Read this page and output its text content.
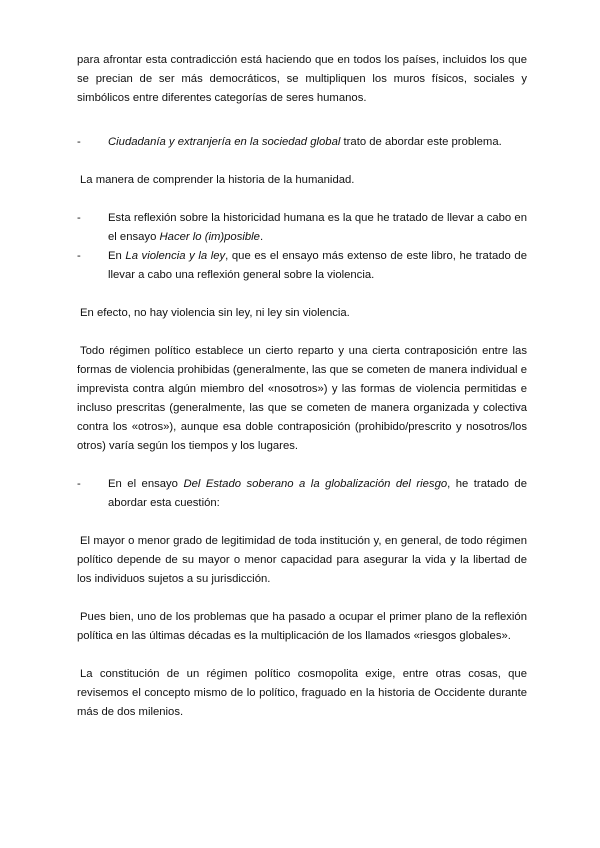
para afrontar esta contradicción está haciendo que en todos los países, incluidos los que se precian de ser más democráticos, se multipliquen los muros físicos, sociales y simbólicos entre diferentes categorías de seres humanos.

-	Ciudadanía y extranjería en la sociedad global trato de abordar este problema.

La manera de comprender la historia de la humanidad.

-	Esta reflexión sobre la historicidad humana es la que he tratado de llevar a cabo en el ensayo Hacer lo (im)posible.
-	En La violencia y la ley, que es el ensayo más extenso de este libro, he tratado de llevar a cabo una reflexión general sobre la violencia.

En efecto, no hay violencia sin ley, ni ley sin violencia.

Todo régimen político establece un cierto reparto y una cierta contraposición entre las formas de violencia prohibidas (generalmente, las que se cometen de manera individual e imprevista contra algún miembro del «nosotros») y las formas de violencia permitidas e incluso prescritas (generalmente, las que se cometen de manera organizada y colectiva contra los «otros»), aunque esa doble contraposición (prohibido/prescrito y nosotros/los otros) varía según los tiempos y los lugares.

-	En el ensayo Del Estado soberano a la globalización del riesgo, he tratado de abordar esta cuestión:

El mayor o menor grado de legitimidad de toda institución y, en general, de todo régimen político depende de su mayor o menor capacidad para asegurar la vida y la libertad de los individuos sujetos a su jurisdicción.

Pues bien, uno de los problemas que ha pasado a ocupar el primer plano de la reflexión política en las últimas décadas es la multiplicación de los llamados «riesgos globales».

La constitución de un régimen político cosmopolita exige, entre otras cosas, que revisemos el concepto mismo de lo político, fraguado en la historia de Occidente durante más de dos milenios.
